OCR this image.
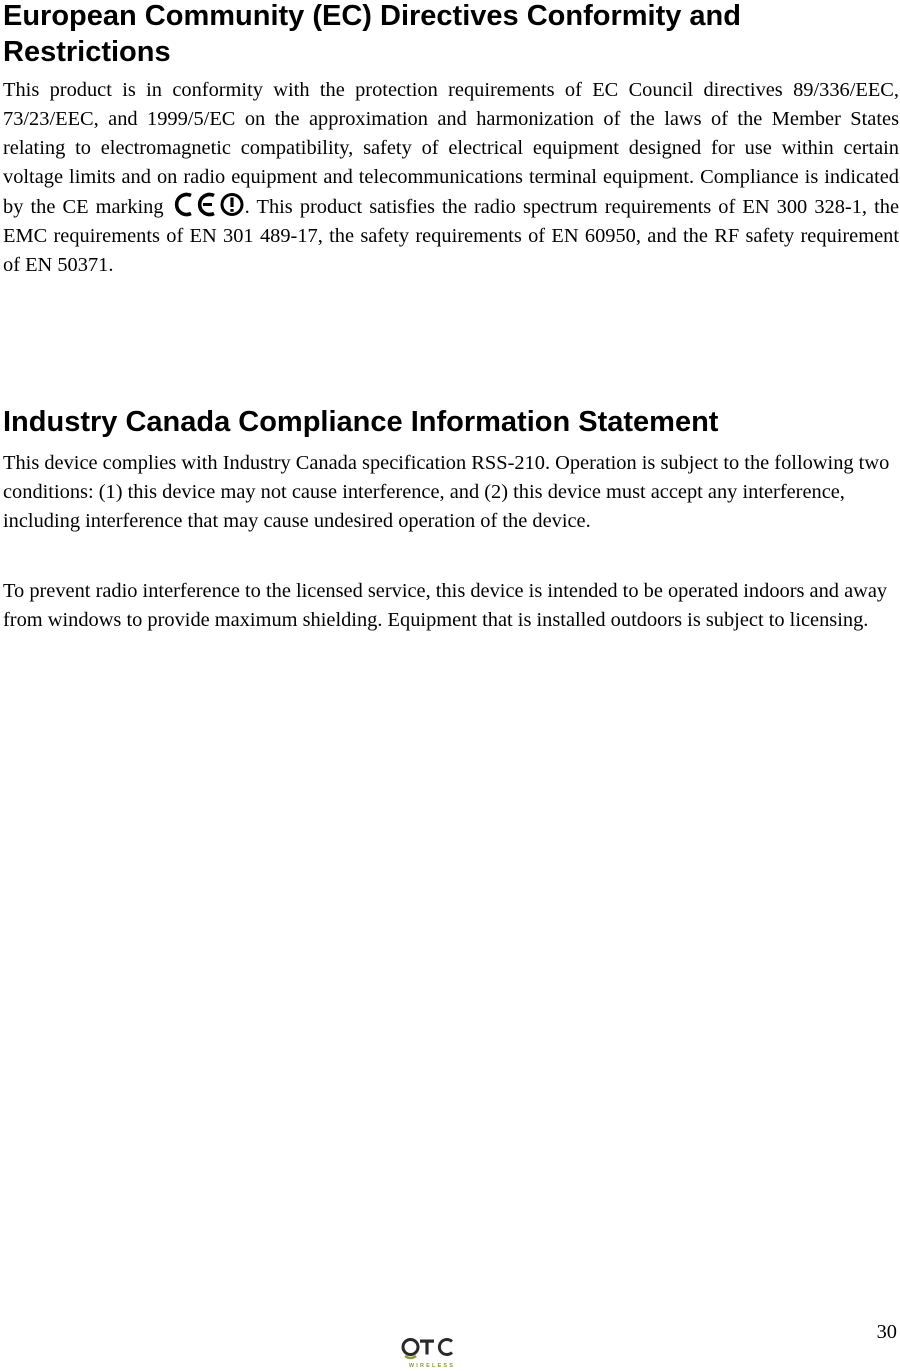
European Community (EC) Directives Conformity and Restrictions
This product is in conformity with the protection requirements of EC Council directives 89/336/EEC, 73/23/EEC, and 1999/5/EC on the approximation and harmonization of the laws of the Member States relating to electromagnetic compatibility, safety of electrical equipment designed for use within certain voltage limits and on radio equipment and telecommunications terminal equipment. Compliance is indicated by the CE marking	. This product satisfies the radio spectrum requirements of EN 300 328-1, the EMC requirements of EN 301 489-17, the safety requirements of EN 60950, and the RF safety requirement of EN 50371.
Industry Canada Compliance Information Statement
This device complies with Industry Canada specification RSS-210. Operation is subject to the following two conditions: (1) this device may not cause interference, and (2) this device must accept any interference, including interference that may cause undesired operation of the device.
To prevent radio interference to the licensed service, this device is intended to be operated indoors and away from windows to provide maximum shielding. Equipment that is installed outdoors is subject to licensing.
30
WIRELESS
